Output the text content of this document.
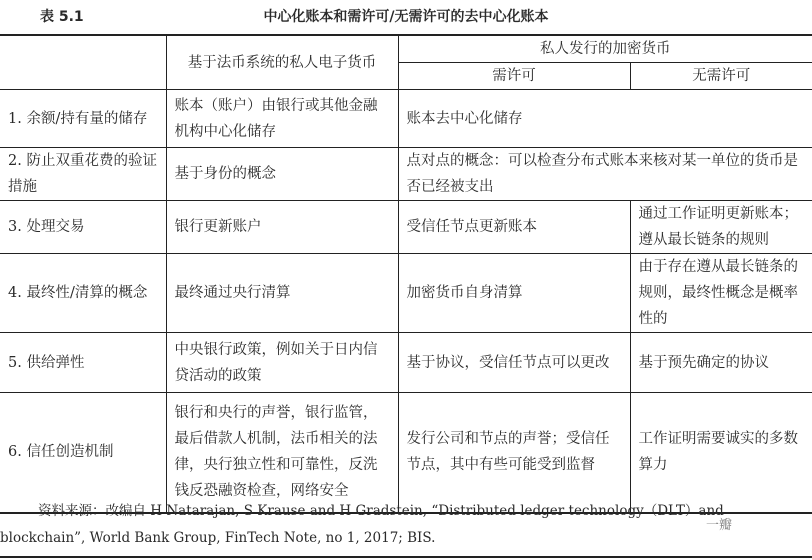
表 5.1	中心化账本和需许可/无需许可的去中心化账本
	基于法币系统的私人电子货币	私人发行的加密货币	
		需许可	无需许可
1. 余额/持有量的储存	账本（账户）由银行或其他金融机构中心化储存	账本去中心化储存	
2. 防止双重花费的验证措施	基于身份的概念	点对点的概念：可以检查分布式账本来核对某一单位的货币是否已经被支出	
3. 处理交易	银行更新账户	受信任节点更新账本	通过工作证明更新账本；遵从最长链条的规则
4. 最终性/清算的概念	最终通过央行清算	加密货币自身清算	由于存在遵从最长链条的规则，最终性概念是概率性的
5. 供给弹性	中央银行政策，例如关于日内信贷活动的政策	基于协议，受信任节点可以更改	基于预先确定的协议
6. 信任创造机制	银行和央行的声誉，银行监管，最后借款人机制，法币相关的法律，央行独立性和可靠性，反洗钱反恐融资检查，网络安全	发行公司和节点的声誉；受信任节点，其中有些可能受到监督	工作证明需要诚实的多数算力
资料来源：改编自 H Natarajan, S Krause and H Gradstein, “Distributed ledger technology（DLT）and blockchain”, World Bank Group, FinTech Note, no 1, 2017; BIS.
一瓣
